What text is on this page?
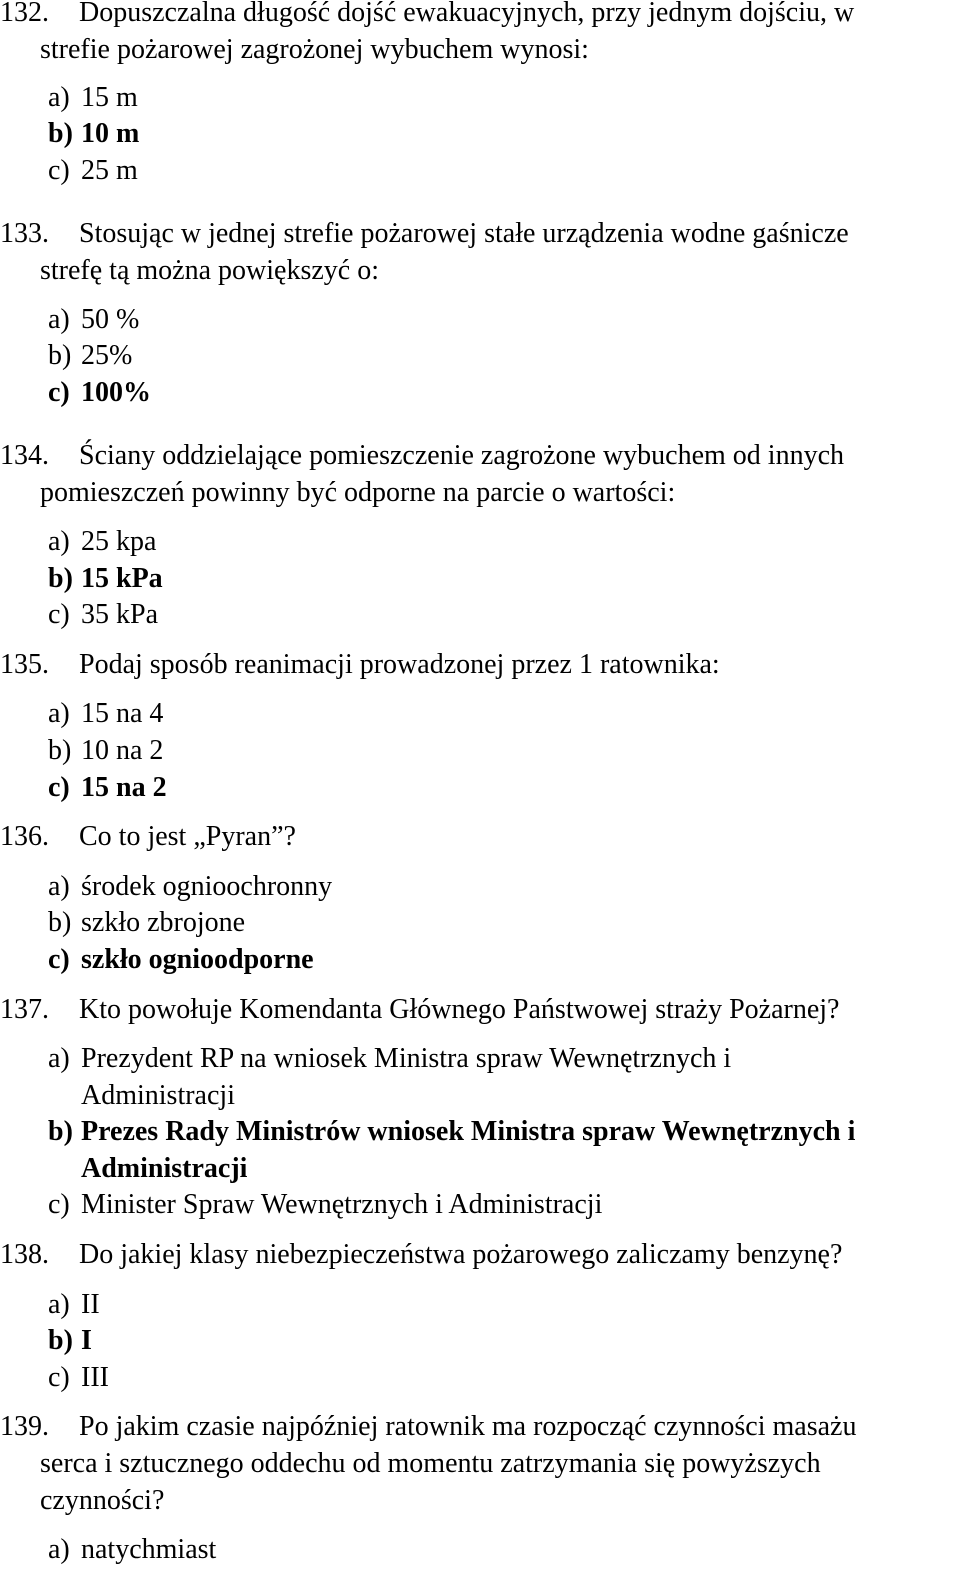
132. Dopuszczalna długość dojść ewakuacyjnych, przy jednym dojściu, w
strefie pożarowej zagrożonej wybuchem wynosi:
a) 15 m
b) 10 m
c) 25 m
133. Stosując w jednej strefie pożarowej stałe urządzenia wodne gaśnicze
strefę tą można powiększyć o:
a) 50 %
b) 25%
c) 100%
134. Ściany oddzielające pomieszczenie zagrożone wybuchem od innych
pomieszczeń powinny być odporne na parcie o wartości:
a) 25 kpa
b) 15 kPa
c) 35 kPa
135. Podaj sposób reanimacji prowadzonej przez 1 ratownika:
a) 15 na 4
b) 10 na 2
c) 15 na 2
136. Co to jest „Pyran”?
a) środek ognioochronny
b) szkło zbrojone
c) szkło ognioodporne
137. Kto powołuje Komendanta Głównego Państwowej straży Pożarnej?
a) Prezydent RP na wniosek Ministra spraw Wewnętrznych i
Administracji
b) Prezes Rady Ministrów wniosek Ministra spraw Wewnętrznych i
Administracji
c) Minister Spraw Wewnętrznych i Administracji
138. Do jakiej klasy niebezpieczeństwa pożarowego zaliczamy benzynę?
a) II
b) I
c) III
139. Po jakim czasie najpóźniej ratownik ma rozpocząć czynności masażu
serca i sztucznego oddechu od momentu zatrzymania się powyższych
czynności?
a) natychmiast
